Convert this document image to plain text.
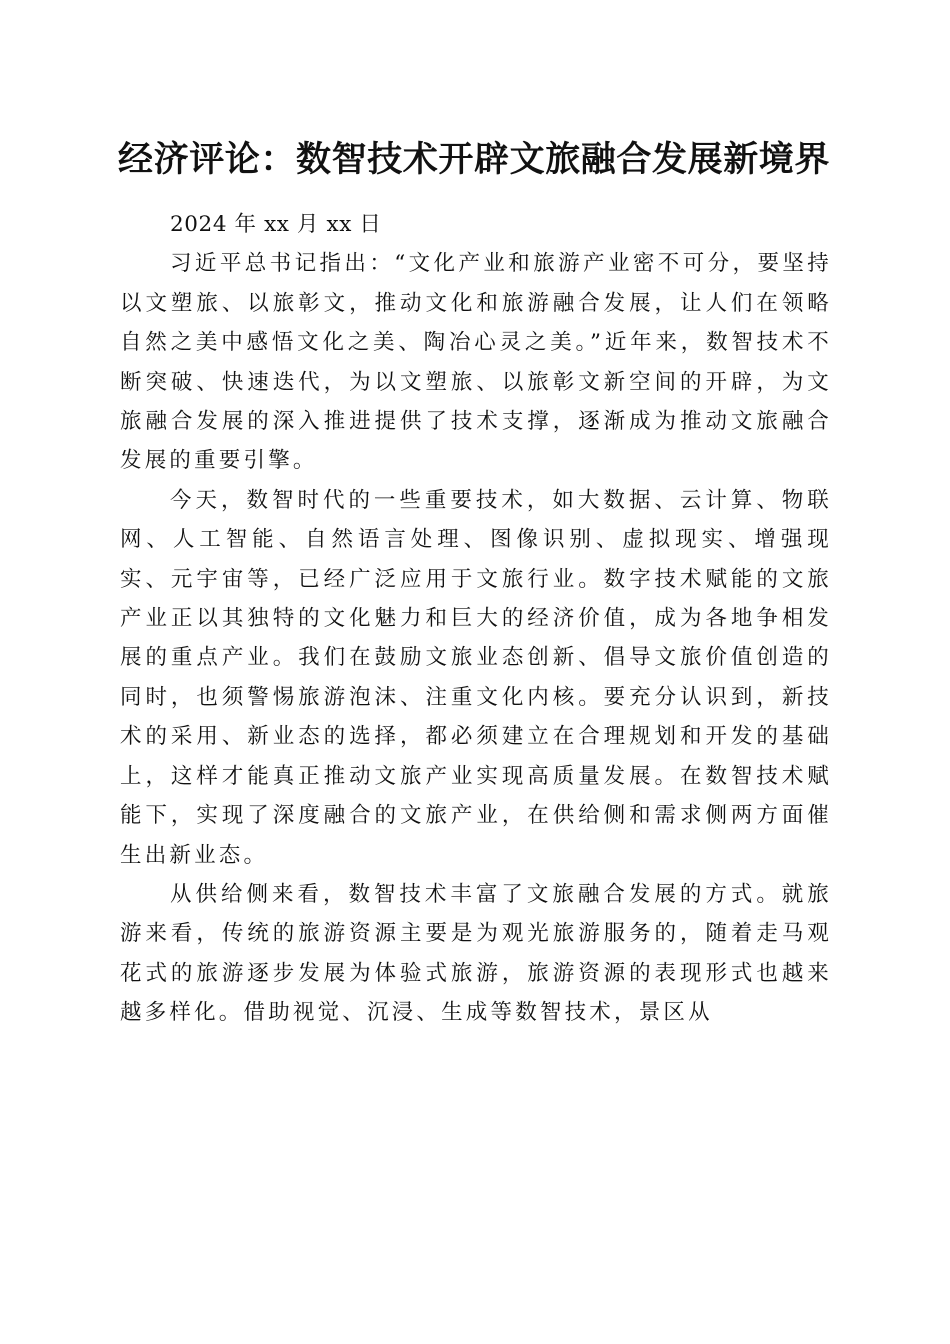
经济评论：数智技术开辟文旅融合发展新境界

2024 年 xx 月 xx 日

习近平总书记指出：“文化产业和旅游产业密不可分，要坚持以文塑旅、以旅彰文，推动文化和旅游融合发展，让人们在领略自然之美中感悟文化之美、陶冶心灵之美。”近年来，数智技术不断突破、快速迭代，为以文塑旅、以旅彰文新空间的开辟，为文旅融合发展的深入推进提供了技术支撑，逐渐成为推动文旅融合发展的重要引擎。

今天，数智时代的一些重要技术，如大数据、云计算、物联网、人工智能、自然语言处理、图像识别、虚拟现实、增强现实、元宇宙等，已经广泛应用于文旅行业。数字技术赋能的文旅产业正以其独特的文化魅力和巨大的经济价值，成为各地争相发展的重点产业。我们在鼓励文旅业态创新、倡导文旅价值创造的同时，也须警惕旅游泡沫、注重文化内核。要充分认识到，新技术的采用、新业态的选择，都必须建立在合理规划和开发的基础上，这样才能真正推动文旅产业实现高质量发展。在数智技术赋能下，实现了深度融合的文旅产业，在供给侧和需求侧两方面催生出新业态。

从供给侧来看，数智技术丰富了文旅融合发展的方式。就旅游来看，传统的旅游资源主要是为观光旅游服务的，随着走马观花式的旅游逐步发展为体验式旅游，旅游资源的表现形式也越来越多样化。借助视觉、沉浸、生成等数智技术，景区从
